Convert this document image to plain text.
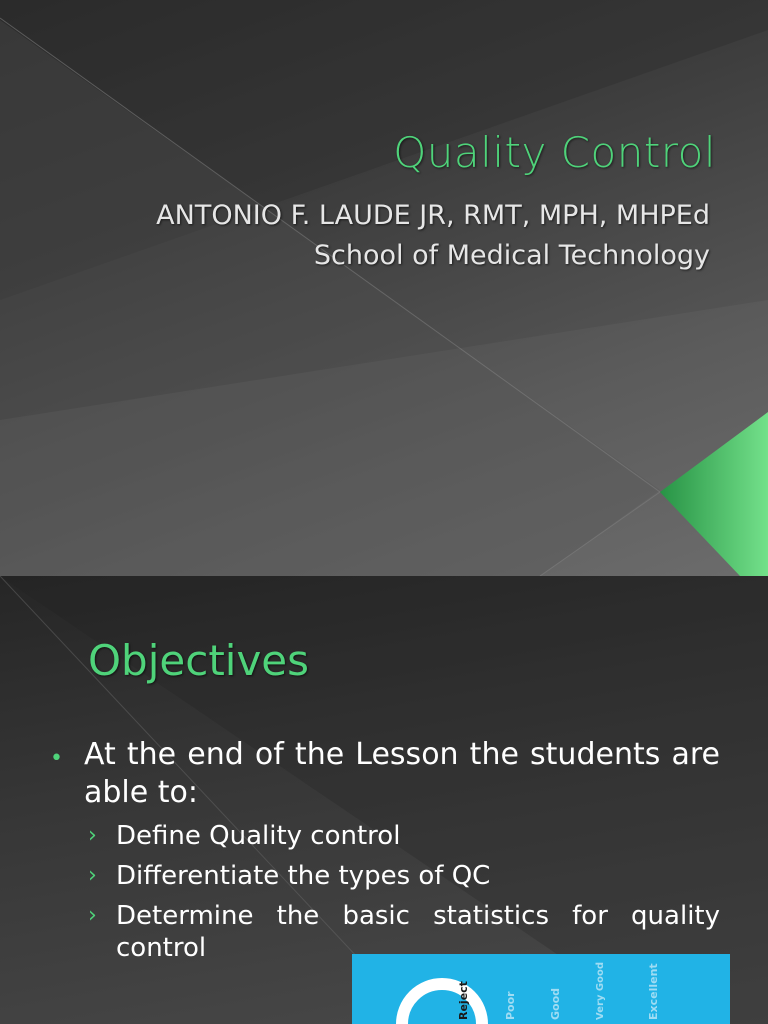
Quality Control
ANTONIO F. LAUDE JR, RMT, MPH, MHPEd
School of Medical Technology
Objectives
• At the end of the Lesson the students are able to:
› Define Quality control
› Differentiate the types of QC
› Determine the basic statistics for quality control
Reject	Poor	Good	Very Good	Excellent
